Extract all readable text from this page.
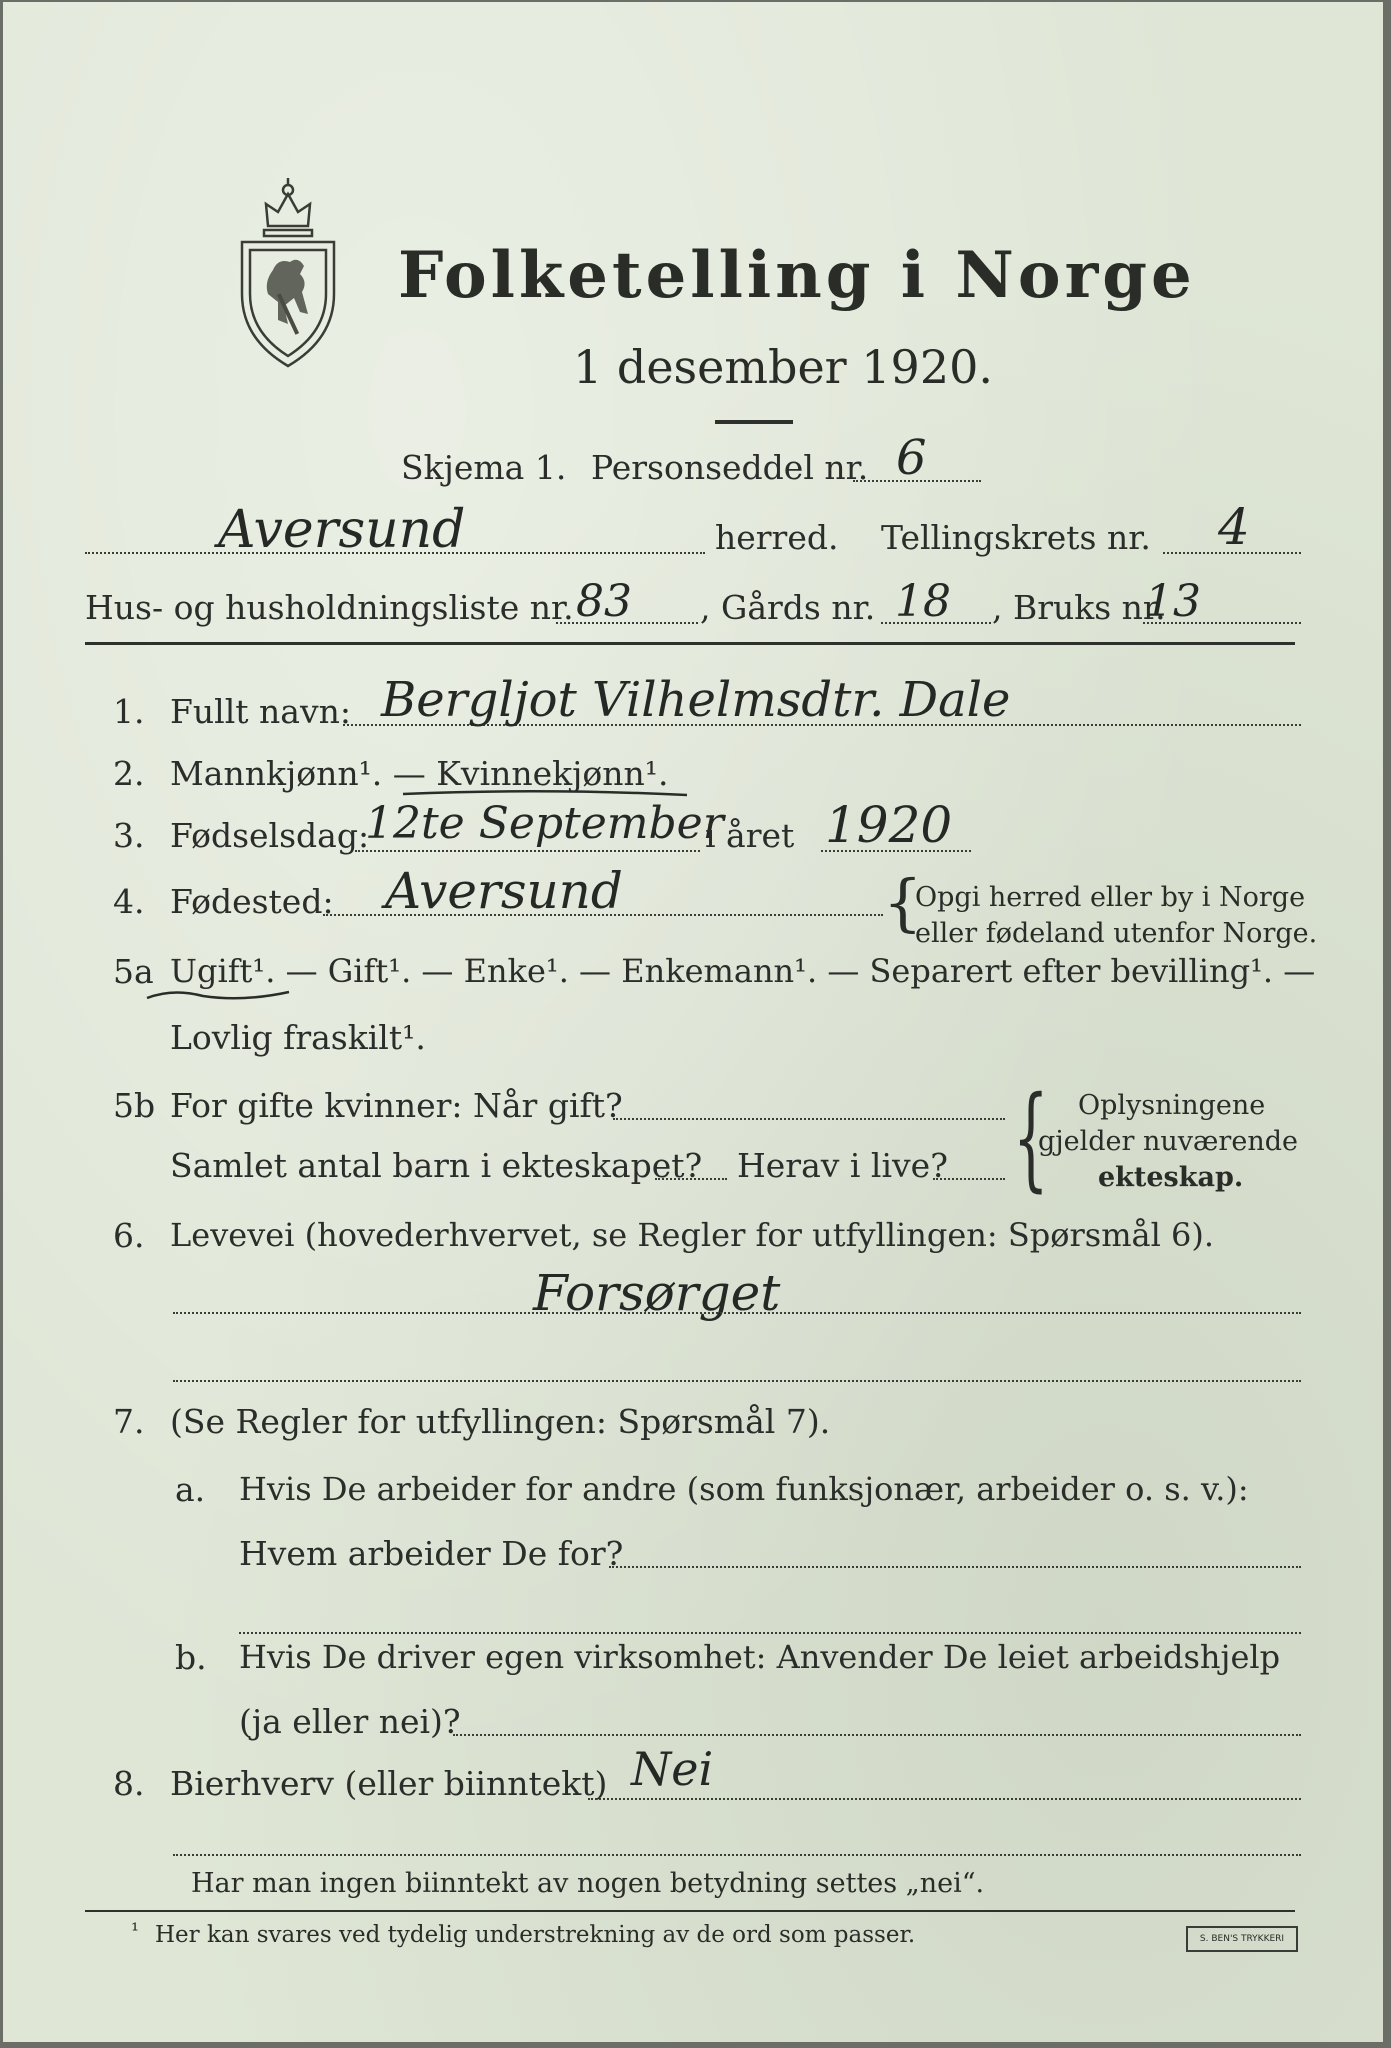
Folketelling i Norge
1 desember 1920.
Skjema 1. Personseddel nr. 6
Aversund	herred. Tellingskrets nr. 4
Hus- og husholdningsliste nr. 83 , Gårds nr. 18 , Bruks nr.
13
1. Fullt navn: Bergljot Vilhelmsdtr. Dale
2. Mannkjønn¹. — Kvinnekjønn¹.
3. Fødselsdag:
12te September
i året 1920
4. Fødested: Aversund	{
Opgi herred eller by i Norge
eller fødeland utenfor Norge.
5a Ugift¹. — Gift¹. — Enke¹. — Enkemann¹. — Separert efter bevilling¹. —
Lovlig fraskilt¹.
5b For gifte kvinner: Når gift?
Samlet antal barn i ekteskapet? Herav i live? { Oplysningene
gjelder nuværende
ekteskap.
6. Levevei (hovederhvervet, se Regler for utfyllingen: Spørsmål 6).
Forsørget
7. (Se Regler for utfyllingen: Spørsmål 7).
a. Hvis De arbeider for andre (som funksjonær, arbeider o. s. v.):
Hvem arbeider De for?
b. Hvis De driver egen virksomhet: Anvender De leiet arbeidshjelp
(ja eller nei)?
8. Bierhverv (eller biinntekt) Nei
Har man ingen biinntekt av nogen betydning settes „nei“.
¹ Her kan svares ved tydelig understrekning av de ord som passer.	S. BEN'S TRYKKERI
